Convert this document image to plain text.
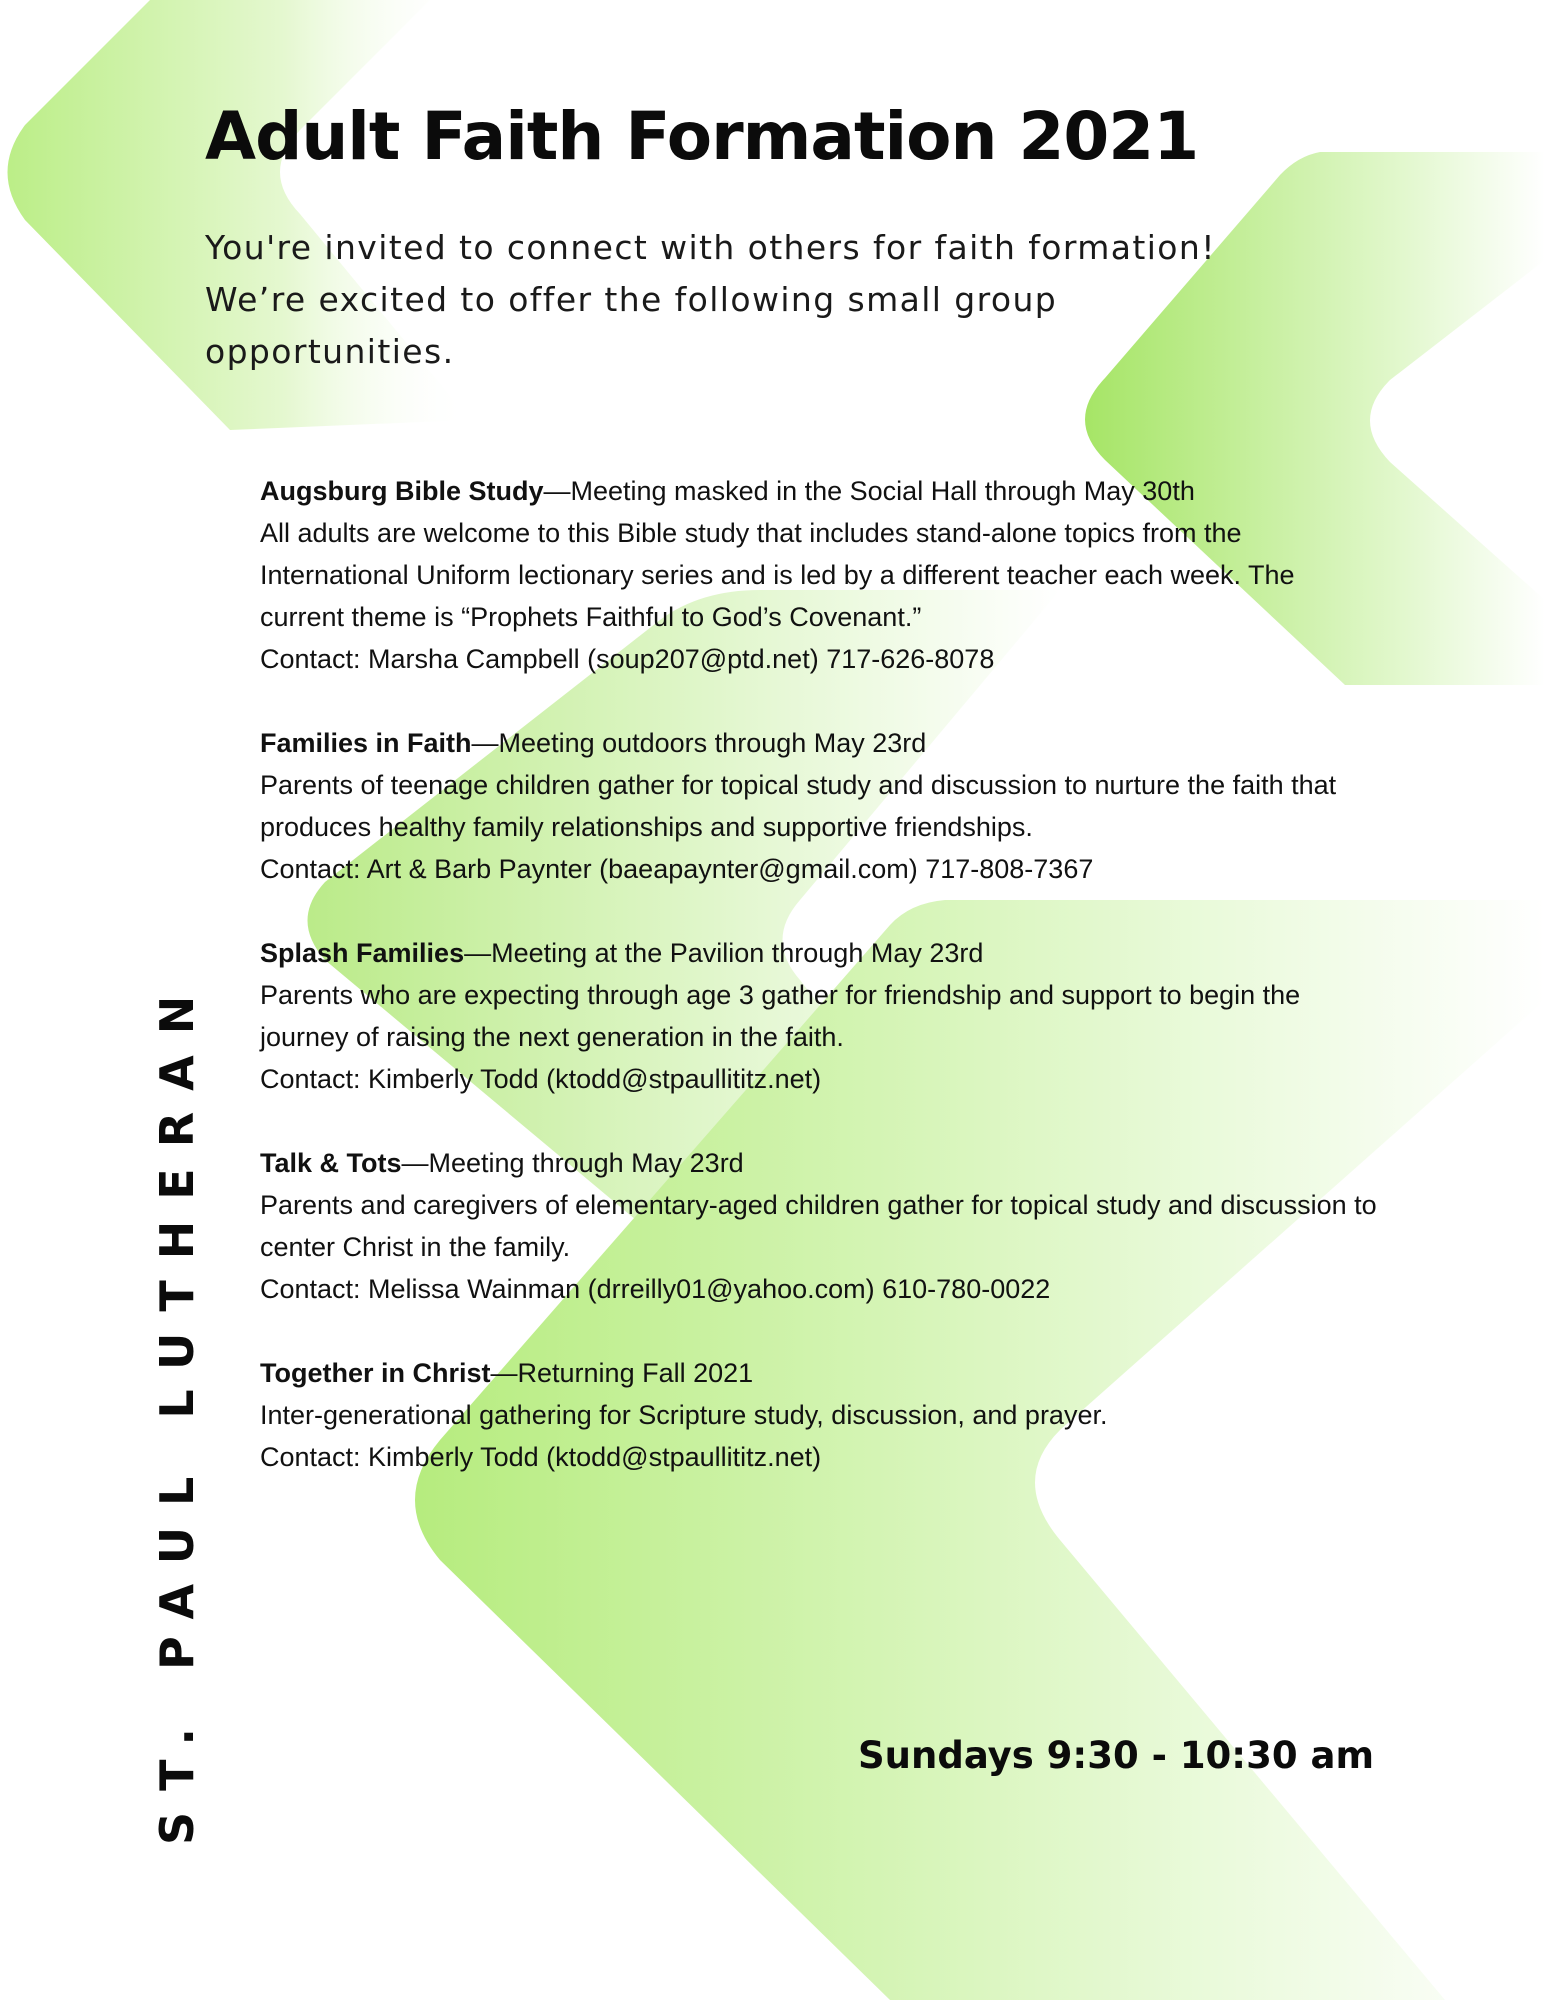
Adult Faith Formation 2021
You're invited to connect with others for faith formation!
We’re excited to offer the following small group
opportunities.

Augsburg Bible Study—Meeting masked in the Social Hall through May 30th

All adults are welcome to this Bible study that includes stand-alone topics from the

International Uniform lectionary series and is led by a different teacher each week. The

current theme is “Prophets Faithful to God’s Covenant.”

Contact: Marsha Campbell (soup207@ptd.net) 717-626-8078

Families in Faith—Meeting outdoors through May 23rd

Parents of teenage children gather for topical study and discussion to nurture the faith that

produces healthy family relationships and supportive friendships.

Contact: Art & Barb Paynter (baeapaynter@gmail.com) 717-808-7367

Splash Families—Meeting at the Pavilion through May 23rd

Parents who are expecting through age 3 gather for friendship and support to begin the

journey of raising the next generation in the faith.

Contact: Kimberly Todd (ktodd@stpaullititz.net)

Talk & Tots—Meeting through May 23rd

Parents and caregivers of elementary-aged children gather for topical study and discussion to

center Christ in the family.

Contact: Melissa Wainman (drreilly01@yahoo.com) 610-780-0022

Together in Christ—Returning Fall 2021

Inter-generational gathering for Scripture study, discussion, and prayer.

Contact: Kimberly Todd (ktodd@stpaullititz.net)

ST. PAUL LUTHERAN	Sundays 9:30 - 10:30 am
